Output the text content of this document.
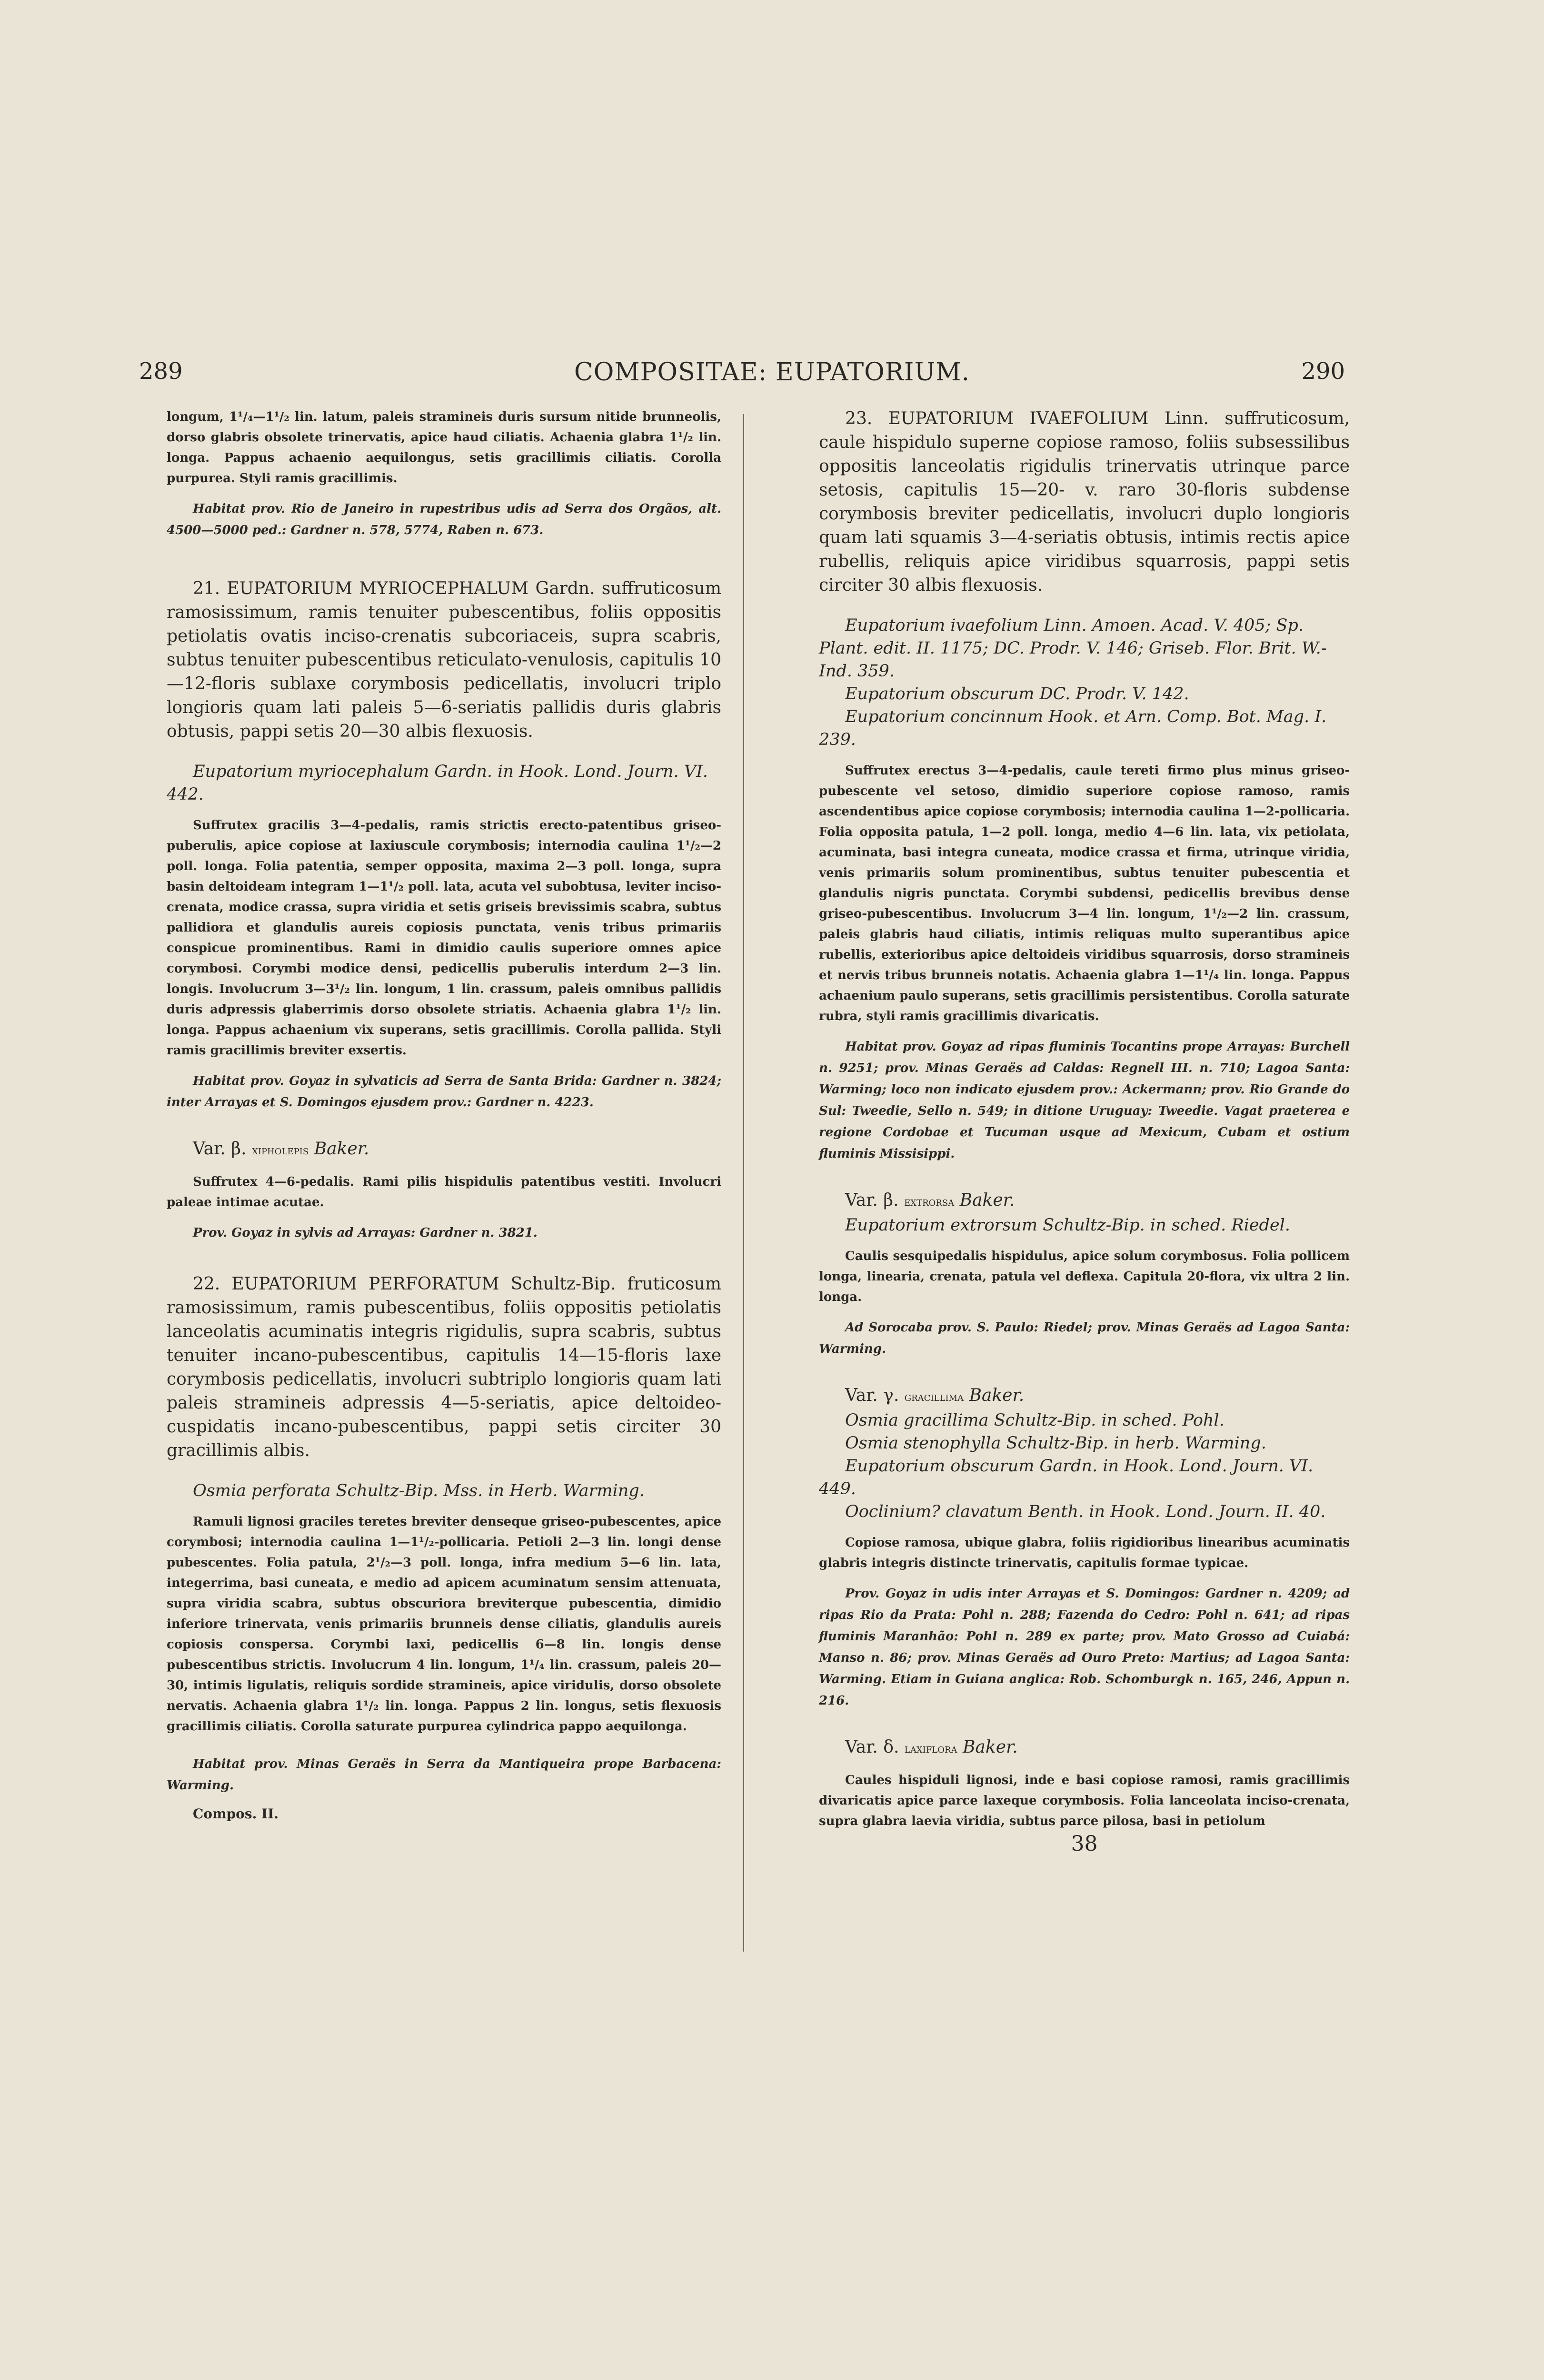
289	COMPOSITAE: EUPATORIUM.	290

longum, 1¹/₄—1¹/₂ lin. latum, paleis stramineis duris sursum nitide brunneolis, dorso glabris obsolete trinervatis, apice haud ciliatis. Achaenia glabra 1¹/₂ lin. longa. Pappus achaenio aequilongus, setis gracillimis ciliatis. Corolla purpurea. Styli ramis gracillimis.

Habitat prov. Rio de Janeiro in rupestribus udis ad Serra dos Orgãos, alt. 4500—5000 ped.: Gardner n. 578, 5774, Raben n. 673.

21. EUPATORIUM MYRIOCEPHALUM Gardn. suffruticosum ramosissimum, ramis tenuiter pubescentibus, foliis oppositis petiolatis ovatis inciso-crenatis subcoriaceis, supra scabris, subtus tenuiter pubescentibus reticulato-venulosis, capitulis 10—12-floris sublaxe corymbosis pedicellatis, involucri triplo longioris quam lati paleis 5—6-seriatis pallidis duris glabris obtusis, pappi setis 20—30 albis flexuosis.

Eupatorium myriocephalum Gardn. in Hook. Lond. Journ. VI. 442.

Suffrutex gracilis 3—4-pedalis, ramis strictis erecto-patentibus griseo-puberulis, apice copiose at laxiuscule corymbosis; internodia caulina 1¹/₂—2 poll. longa. Folia patentia, semper opposita, maxima 2—3 poll. longa, supra basin deltoideam integram 1—1¹/₂ poll. lata, acuta vel subobtusa, leviter inciso-crenata, modice crassa, supra viridia et setis griseis brevissimis scabra, subtus pallidiora et glandulis aureis copiosis punctata, venis tribus primariis conspicue prominentibus. Rami in dimidio caulis superiore omnes apice corymbosi. Corymbi modice densi, pedicellis puberulis interdum 2—3 lin. longis. Involucrum 3—3¹/₂ lin. longum, 1 lin. crassum, paleis omnibus pallidis duris adpressis glaberrimis dorso obsolete striatis. Achaenia glabra 1¹/₂ lin. longa. Pappus achaenium vix superans, setis gracillimis. Corolla pallida. Styli ramis gracillimis breviter exsertis.

Habitat prov. Goyaz in sylvaticis ad Serra de Santa Brida: Gardner n. 3824; inter Arrayas et S. Domingos ejusdem prov.: Gardner n. 4223.

Var. β. xipholepis Baker.

Suffrutex 4—6-pedalis. Rami pilis hispidulis patentibus vestiti. Involucri paleae intimae acutae.

Prov. Goyaz in sylvis ad Arrayas: Gardner n. 3821.

22. EUPATORIUM PERFORATUM Schultz-Bip. fruticosum ramosissimum, ramis pubescentibus, foliis oppositis petiolatis lanceolatis acuminatis integris rigidulis, supra scabris, subtus tenuiter incano-pubescentibus, capitulis 14—15-floris laxe corymbosis pedicellatis, involucri subtriplo longioris quam lati paleis stramineis adpressis 4—5-seriatis, apice deltoideo-cuspidatis incano-pubescentibus, pappi setis circiter 30 gracillimis albis.

Osmia perforata Schultz-Bip. Mss. in Herb. Warming.

Ramuli lignosi graciles teretes breviter denseque griseo-pubescentes, apice corymbosi; internodia caulina 1—1¹/₂-pollicaria. Petioli 2—3 lin. longi dense pubescentes. Folia patula, 2¹/₂—3 poll. longa, infra medium 5—6 lin. lata, integerrima, basi cuneata, e medio ad apicem acuminatum sensim attenuata, supra viridia scabra, subtus obscuriora breviterque pubescentia, dimidio inferiore trinervata, venis primariis brunneis dense ciliatis, glandulis aureis copiosis conspersa. Corymbi laxi, pedicellis 6—8 lin. longis dense pubescentibus strictis. Involucrum 4 lin. longum, 1¹/₄ lin. crassum, paleis 20—30, intimis ligulatis, reliquis sordide stramineis, apice viridulis, dorso obsolete nervatis. Achaenia glabra 1¹/₂ lin. longa. Pappus 2 lin. longus, setis flexuosis gracillimis ciliatis. Corolla saturate purpurea cylindrica pappo aequilonga.

Habitat prov. Minas Geraës in Serra da Mantiqueira prope Barbacena: Warming.

Compos. II.

23. EUPATORIUM IVAEFOLIUM Linn. suffruticosum, caule hispidulo superne copiose ramoso, foliis subsessilibus oppositis lanceolatis rigidulis trinervatis utrinque parce setosis, capitulis 15—20- v. raro 30-floris subdense corymbosis breviter pedicellatis, involucri duplo longioris quam lati squamis 3—4-seriatis obtusis, intimis rectis apice rubellis, reliquis apice viridibus squarrosis, pappi setis circiter 30 albis flexuosis.

Eupatorium ivaefolium Linn. Amoen. Acad. V. 405; Sp. Plant. edit. II. 1175; DC. Prodr. V. 146; Griseb. Flor. Brit. W.-Ind. 359.

Eupatorium obscurum DC. Prodr. V. 142.

Eupatorium concinnum Hook. et Arn. Comp. Bot. Mag. I. 239.

Suffrutex erectus 3—4-pedalis, caule tereti firmo plus minus griseo-pubescente vel setoso, dimidio superiore copiose ramoso, ramis ascendentibus apice copiose corymbosis; internodia caulina 1—2-pollicaria. Folia opposita patula, 1—2 poll. longa, medio 4—6 lin. lata, vix petiolata, acuminata, basi integra cuneata, modice crassa et firma, utrinque viridia, venis primariis solum prominentibus, subtus tenuiter pubescentia et glandulis nigris punctata. Corymbi subdensi, pedicellis brevibus dense griseo-pubescentibus. Involucrum 3—4 lin. longum, 1¹/₂—2 lin. crassum, paleis glabris haud ciliatis, intimis reliquas multo superantibus apice rubellis, exterioribus apice deltoideis viridibus squarrosis, dorso stramineis et nervis tribus brunneis notatis. Achaenia glabra 1—1¹/₄ lin. longa. Pappus achaenium paulo superans, setis gracillimis persistentibus. Corolla saturate rubra, styli ramis gracillimis divaricatis.

Habitat prov. Goyaz ad ripas fluminis Tocantins prope Arrayas: Burchell n. 9251; prov. Minas Geraës ad Caldas: Regnell III. n. 710; Lagoa Santa: Warming; loco non indicato ejusdem prov.: Ackermann; prov. Rio Grande do Sul: Tweedie, Sello n. 549; in ditione Uruguay: Tweedie. Vagat praeterea e regione Cordobae et Tucuman usque ad Mexicum, Cubam et ostium fluminis Missisippi.

Var. β. extrorsa Baker.

Eupatorium extrorsum Schultz-Bip. in sched. Riedel.

Caulis sesquipedalis hispidulus, apice solum corymbosus. Folia pollicem longa, linearia, crenata, patula vel deflexa. Capitula 20-flora, vix ultra 2 lin. longa.

Ad Sorocaba prov. S. Paulo: Riedel; prov. Minas Geraës ad Lagoa Santa: Warming.

Var. γ. gracillima Baker.

Osmia gracillima Schultz-Bip. in sched. Pohl.

Osmia stenophylla Schultz-Bip. in herb. Warming.

Eupatorium obscurum Gardn. in Hook. Lond. Journ. VI. 449.

Ooclinium? clavatum Benth. in Hook. Lond. Journ. II. 40.

Copiose ramosa, ubique glabra, foliis rigidioribus linearibus acuminatis glabris integris distincte trinervatis, capitulis formae typicae.

Prov. Goyaz in udis inter Arrayas et S. Domingos: Gardner n. 4209; ad ripas Rio da Prata: Pohl n. 288; Fazenda do Cedro: Pohl n. 641; ad ripas fluminis Maranhão: Pohl n. 289 ex parte; prov. Mato Grosso ad Cuiabá: Manso n. 86; prov. Minas Geraës ad Ouro Preto: Martius; ad Lagoa Santa: Warming. Etiam in Guiana anglica: Rob. Schomburgk n. 165, 246, Appun n. 216.

Var. δ. laxiflora Baker.

Caules hispiduli lignosi, inde e basi copiose ramosi, ramis gracillimis divaricatis apice parce laxeque corymbosis. Folia lanceolata inciso-crenata, supra glabra laevia viridia, subtus parce pilosa, basi in petiolum

38
